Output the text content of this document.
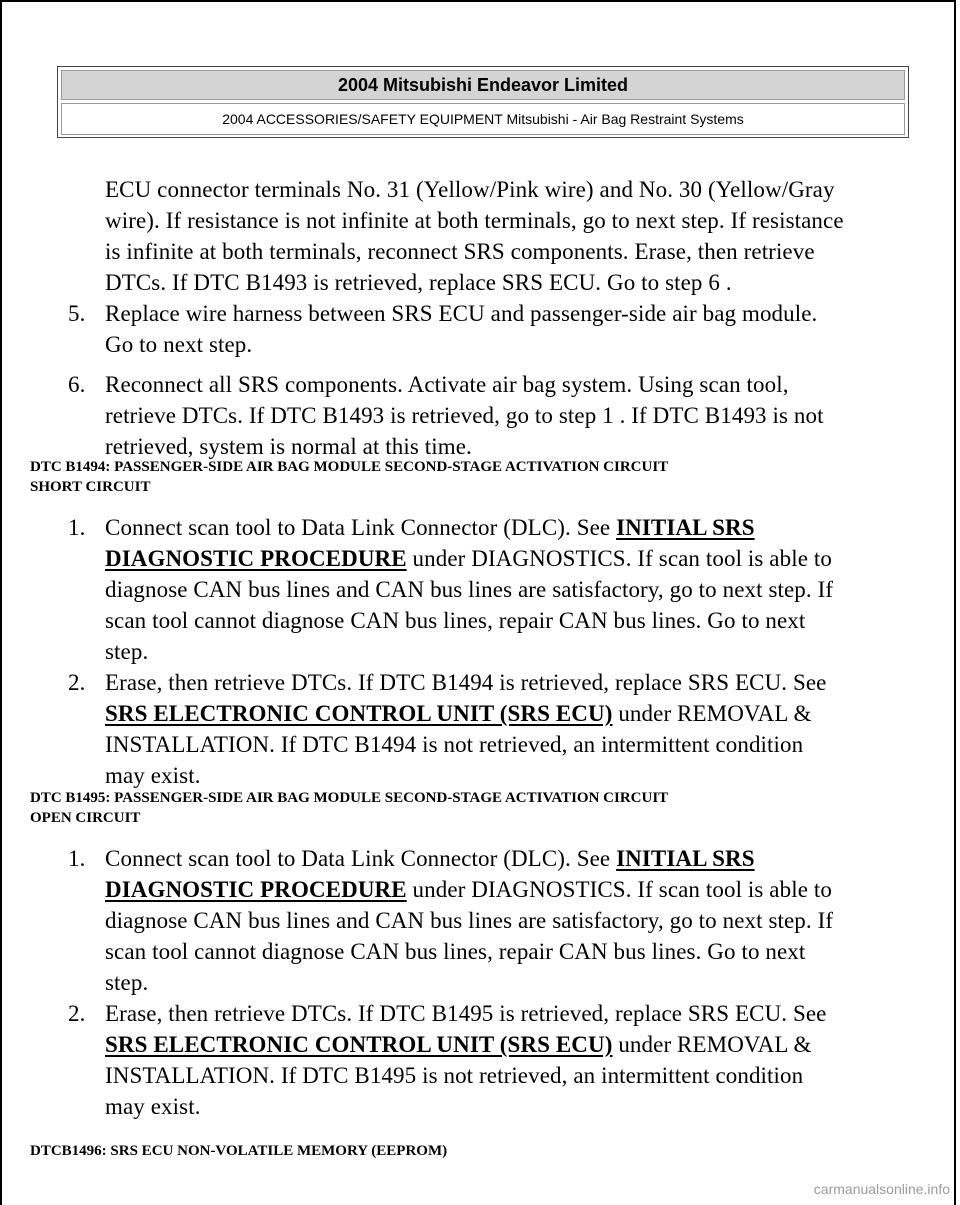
2004 Mitsubishi Endeavor Limited
2004 ACCESSORIES/SAFETY EQUIPMENT Mitsubishi - Air Bag Restraint Systems
ECU connector terminals No. 31 (Yellow/Pink wire) and No. 30 (Yellow/Gray
wire). If resistance is not infinite at both terminals, go to next step. If resistance
is infinite at both terminals, reconnect SRS components. Erase, then retrieve
DTCs. If DTC B1493 is retrieved, replace SRS ECU. Go to step 6 .
5. Replace wire harness between SRS ECU and passenger-side air bag module.
Go to next step.
6. Reconnect all SRS components. Activate air bag system. Using scan tool,
retrieve DTCs. If DTC B1493 is retrieved, go to step 1 . If DTC B1493 is not
retrieved, system is normal at this time.
DTC B1494: PASSENGER-SIDE AIR BAG MODULE SECOND-STAGE ACTIVATION CIRCUIT
SHORT CIRCUIT
1. Connect scan tool to Data Link Connector (DLC). See INITIAL SRS
DIAGNOSTIC PROCEDURE under DIAGNOSTICS. If scan tool is able to
diagnose CAN bus lines and CAN bus lines are satisfactory, go to next step. If
scan tool cannot diagnose CAN bus lines, repair CAN bus lines. Go to next
step.
2. Erase, then retrieve DTCs. If DTC B1494 is retrieved, replace SRS ECU. See
SRS ELECTRONIC CONTROL UNIT (SRS ECU) under REMOVAL &
INSTALLATION. If DTC B1494 is not retrieved, an intermittent condition
may exist.
DTC B1495: PASSENGER-SIDE AIR BAG MODULE SECOND-STAGE ACTIVATION CIRCUIT
OPEN CIRCUIT
1. Connect scan tool to Data Link Connector (DLC). See INITIAL SRS
DIAGNOSTIC PROCEDURE under DIAGNOSTICS. If scan tool is able to
diagnose CAN bus lines and CAN bus lines are satisfactory, go to next step. If
scan tool cannot diagnose CAN bus lines, repair CAN bus lines. Go to next
step.
2. Erase, then retrieve DTCs. If DTC B1495 is retrieved, replace SRS ECU. See
SRS ELECTRONIC CONTROL UNIT (SRS ECU) under REMOVAL &
INSTALLATION. If DTC B1495 is not retrieved, an intermittent condition
may exist.
DTCB1496: SRS ECU NON-VOLATILE MEMORY (EEPROM)
carmanualsonline.info
